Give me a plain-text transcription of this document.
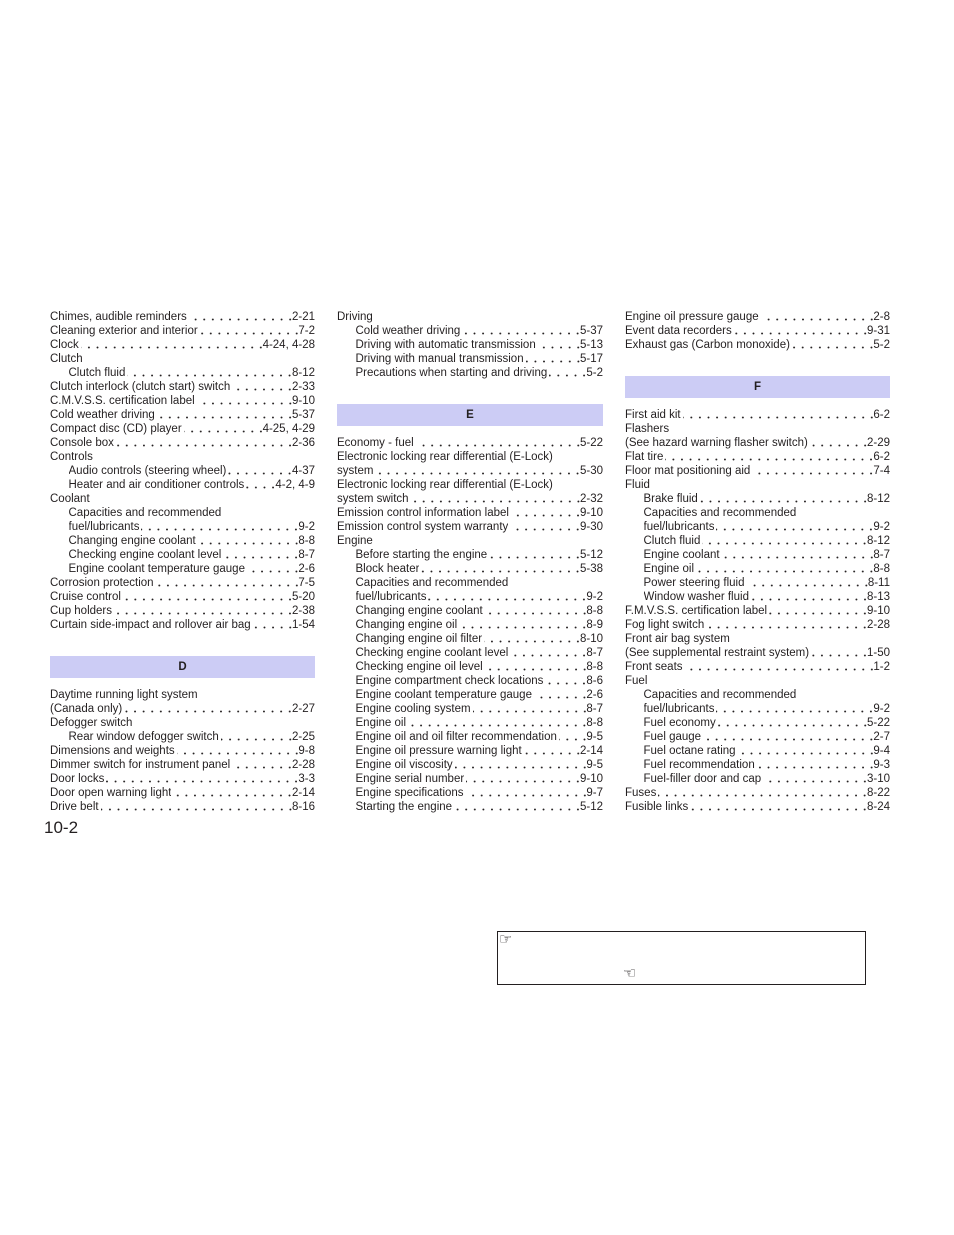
Chimes, audible reminders	2-21
Cleaning exterior and interior	7-2
Clock	4-24, 4-28
Clutch
Clutch fluid	8-12
Clutch interlock (clutch start) switch	2-33
C.M.V.S.S. certification label	9-10
Cold weather driving	5-37
Compact disc (CD) player	4-25, 4-29
Console box	2-36
Controls
Audio controls (steering wheel)	4-37
Heater and air conditioner controls	4-2, 4-9
Coolant
Capacities and recommended
fuel/lubricants	9-2
Changing engine coolant	8-8
Checking engine coolant level	8-7
Engine coolant temperature gauge	2-6
Corrosion protection	7-5
Cruise control	5-20
Cup holders	2-38
Curtain side-impact and rollover air bag	1-54
D
Daytime running light system
(Canada only)	2-27
Defogger switch
Rear window defogger switch	2-25
Dimensions and weights	9-8
Dimmer switch for instrument panel	2-28
Door locks	3-3
Door open warning light	2-14
Drive belt	8-16
Driving
Cold weather driving	5-37
Driving with automatic transmission	5-13
Driving with manual transmission	5-17
Precautions when starting and driving	5-2
E
Economy - fuel	5-22
Electronic locking rear differential (E-Lock)
system	5-30
Electronic locking rear differential (E-Lock)
system switch	2-32
Emission control information label	9-10
Emission control system warranty	9-30
Engine
Before starting the engine	5-12
Block heater	5-38
Capacities and recommended
fuel/lubricants	9-2
Changing engine coolant	8-8
Changing engine oil	8-9
Changing engine oil filter	8-10
Checking engine coolant level	8-7
Checking engine oil level	8-8
Engine compartment check locations	8-6
Engine coolant temperature gauge	2-6
Engine cooling system	8-7
Engine oil	8-8
Engine oil and oil filter recommendation	9-5
Engine oil pressure warning light	2-14
Engine oil viscosity	9-5
Engine serial number	9-10
Engine specifications	9-7
Starting the engine	5-12
Engine oil pressure gauge	2-8
Event data recorders	9-31
Exhaust gas (Carbon monoxide)	5-2
F
First aid kit	6-2
Flashers
(See hazard warning flasher switch)	2-29
Flat tire	6-2
Floor mat positioning aid	7-4
Fluid
Brake fluid	8-12
Capacities and recommended
fuel/lubricants	9-2
Clutch fluid	8-12
Engine coolant	8-7
Engine oil	8-8
Power steering fluid	8-11
Window washer fluid	8-13
F.M.V.S.S. certification label	9-10
Fog light switch	2-28
Front air bag system
(See supplemental restraint system)	1-50
Front seats	1-2
Fuel
Capacities and recommended
fuel/lubricants	9-2
Fuel economy	5-22
Fuel gauge	2-7
Fuel octane rating	9-4
Fuel recommendation	9-3
Fuel-filler door and cap	3-10
Fuses	8-22
Fusible links	8-24
10-2
☞
☜
